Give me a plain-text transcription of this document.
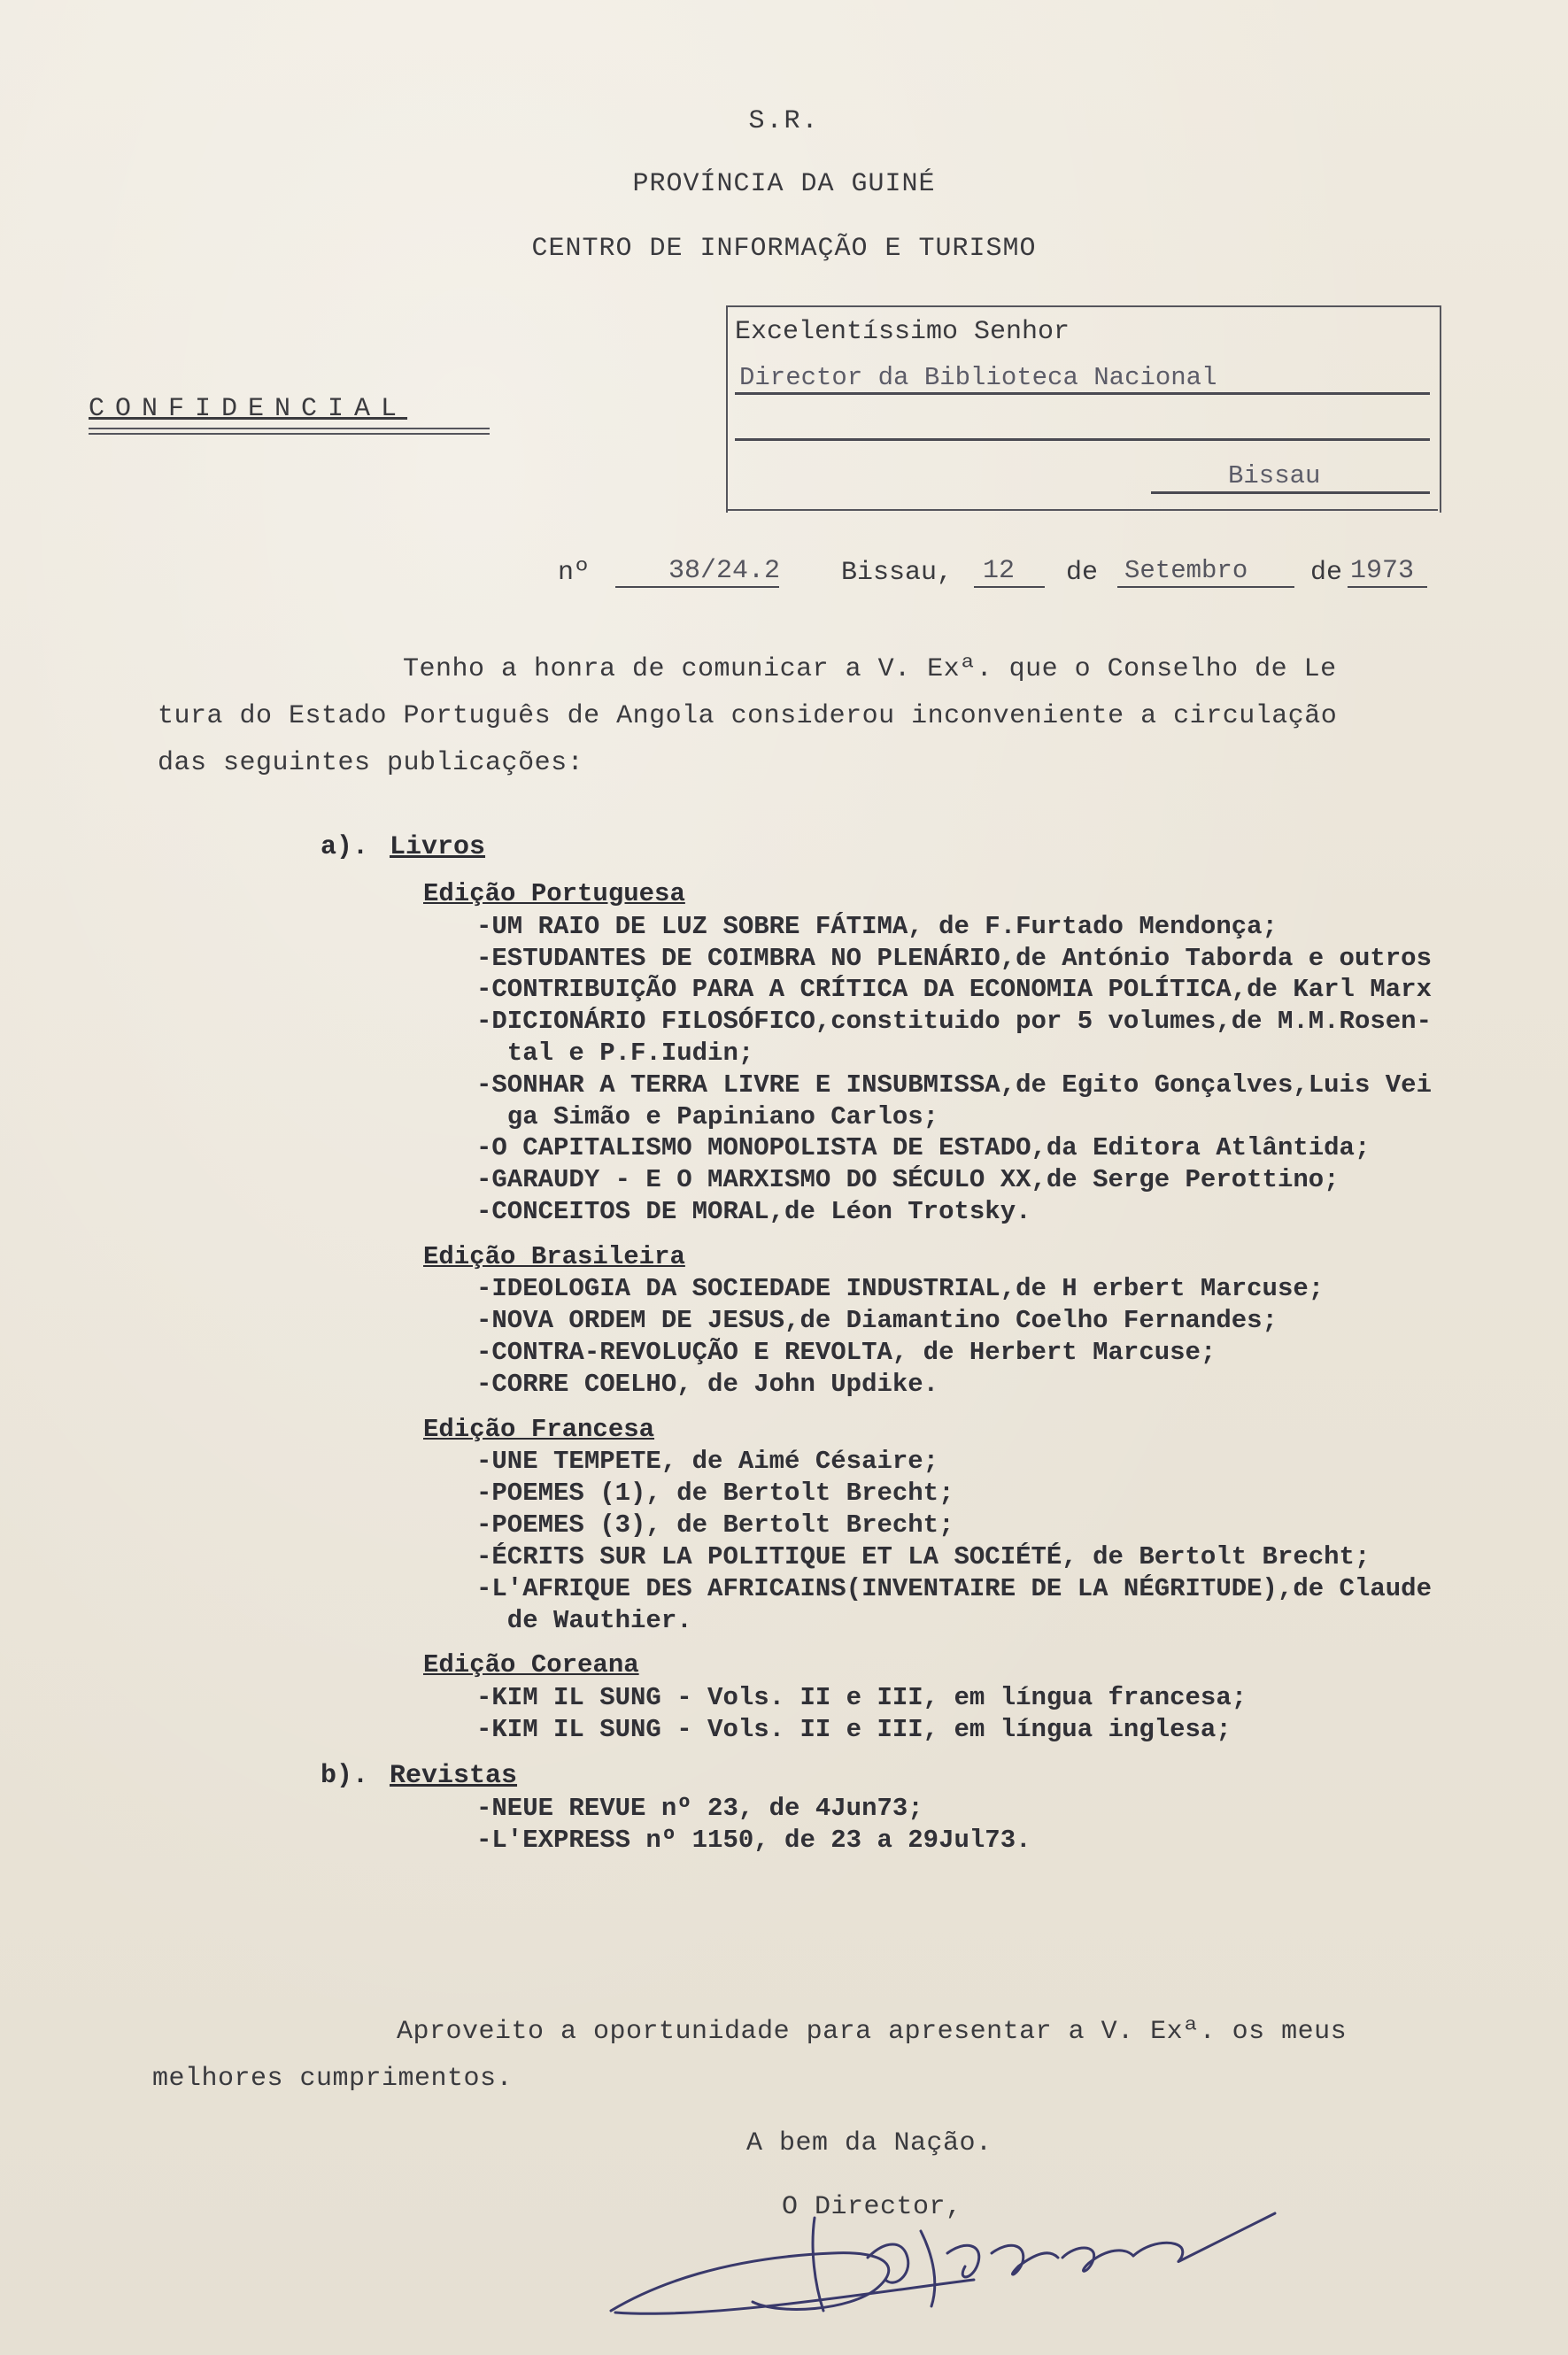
S.R.
PROVÍNCIA DA GUINÉ
CENTRO DE INFORMAÇÃO E TURISMO
CONFIDENCIAL
Excelentíssimo Senhor
Director da Biblioteca Nacional
Bissau
nº	38/24.2 Bissau, 12 de Setembro de 1973
Tenho a honra de comunicar a V. Exª. que o Conselho de Le
tura do Estado Português de Angola considerou inconveniente a circulação
das seguintes publicações:
a). Livros
Edição Portuguesa
-UM RAIO DE LUZ SOBRE FÁTIMA, de F.Furtado Mendonça;
-ESTUDANTES DE COIMBRA NO PLENÁRIO,de António Taborda e outros
-CONTRIBUIÇÃO PARA A CRÍTICA DA ECONOMIA POLÍTICA,de Karl Marx
-DICIONÁRIO FILOSÓFICO,constituido por 5 volumes,de M.M.Rosen-
tal e P.F.Iudin;
-SONHAR A TERRA LIVRE E INSUBMISSA,de Egito Gonçalves,Luis Vei
ga Simão e Papiniano Carlos;
-O CAPITALISMO MONOPOLISTA DE ESTADO,da Editora Atlântida;
-GARAUDY - E O MARXISMO DO SÉCULO XX,de Serge Perottino;
-CONCEITOS DE MORAL,de Léon Trotsky.
Edição Brasileira
-IDEOLOGIA DA SOCIEDADE INDUSTRIAL,de H erbert Marcuse;
-NOVA ORDEM DE JESUS,de Diamantino Coelho Fernandes;
-CONTRA-REVOLUÇÃO E REVOLTA, de Herbert Marcuse;
-CORRE COELHO, de John Updike.
Edição Francesa
-UNE TEMPETE, de Aimé Césaire;
-POEMES (1), de Bertolt Brecht;
-POEMES (3), de Bertolt Brecht;
-ÉCRITS SUR LA POLITIQUE ET LA SOCIÉTÉ, de Bertolt Brecht;
-L'AFRIQUE DES AFRICAINS(INVENTAIRE DE LA NÉGRITUDE),de Claude
de Wauthier.
Edição Coreana
-KIM IL SUNG - Vols. II e III, em língua francesa;
-KIM IL SUNG - Vols. II e III, em língua inglesa;
b). Revistas
-NEUE REVUE nº 23, de 4Jun73;
-L'EXPRESS nº 1150, de 23 a 29Jul73.
Aproveito a oportunidade para apresentar a V. Exª. os meus
melhores cumprimentos.
A bem da Nação.
O Director,
